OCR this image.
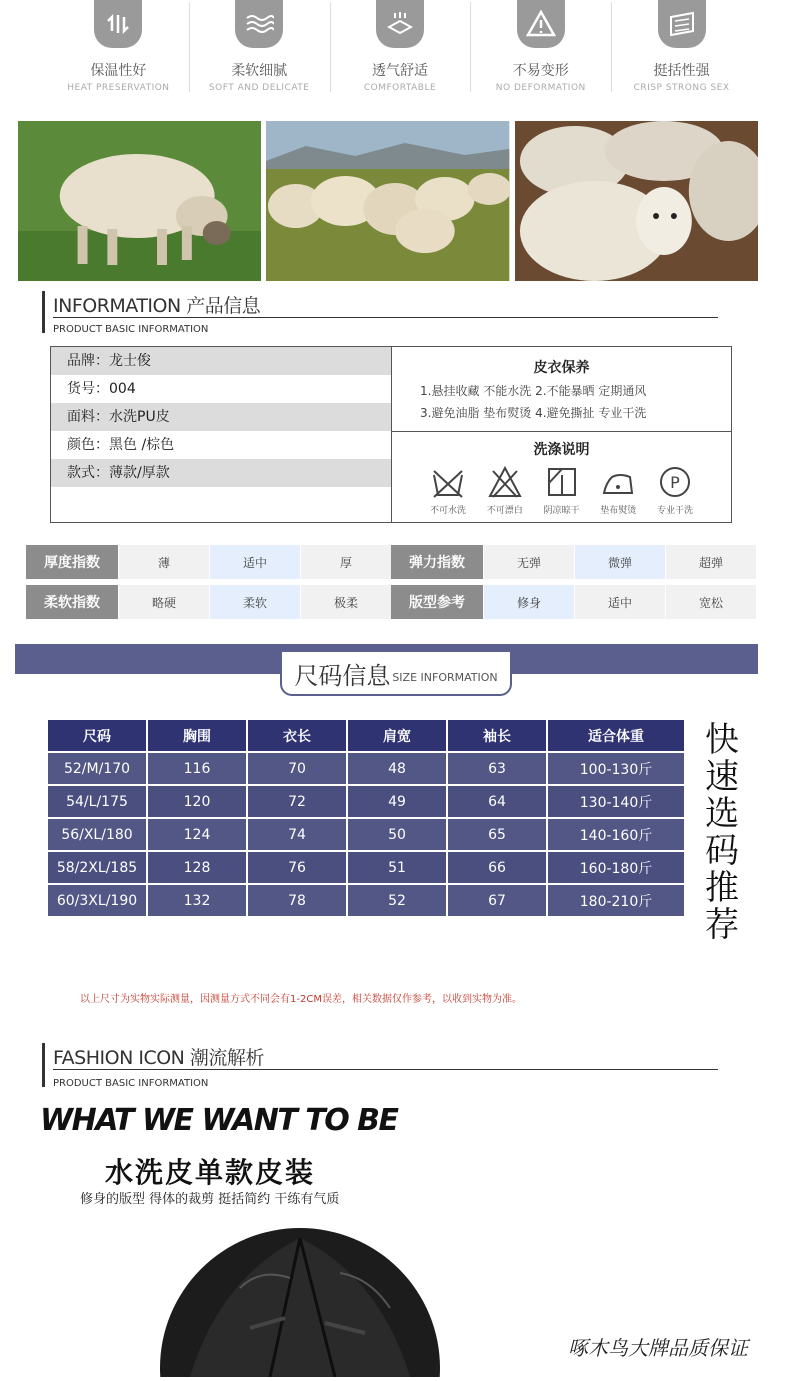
保温性好
HEAT PRESERVATION
柔软细腻
SOFT AND DELICATE
透气舒适
COMFORTABLE
不易变形
NO DEFORMATION
挺括性强
CRISP STRONG SEX
INFORMATION 产品信息
PRODUCT BASIC INFORMATION
品牌：龙士俊
货号：004
面料：水洗PU皮
颜色：黑色 /棕色
款式：薄款/厚款
皮衣保养
1.悬挂收藏 不能水洗 2.不能暴晒 定期通风
3.避免油脂 垫布熨烫 4.避免撕扯 专业干洗
洗涤说明
不可水洗	不可漂白	阴凉晾干	垫布熨烫
P
专业干洗
厚度指数	薄	适中	厚	弹力指数	无弹	微弹	超弹
柔软指数	略硬	柔软	极柔	版型参考	修身	适中	宽松
尺码信息 SIZE INFORMATION
尺码	胸围	衣长	肩宽	袖长	适合体重
52/M/170	116	70	48	63	100-130斤
54/L/175	120	72	49	64	130-140斤
56/XL/180	124	74	50	65	140-160斤
58/2XL/185	128	76	51	66	160-180斤
60/3XL/190	132	78	52	67	180-210斤
快
速
选
码
推
荐
以上尺寸为实物实际测量，因测量方式不同会有1-2CM误差，相关数据仅作参考，以收到实物为准。
FASHION ICON 潮流解析
PRODUCT BASIC INFORMATION
WHAT WE WANT TO BE
水洗皮单款皮装
修身的版型 得体的裁剪 挺括简约 干练有气质
啄木鸟大牌品质保证
